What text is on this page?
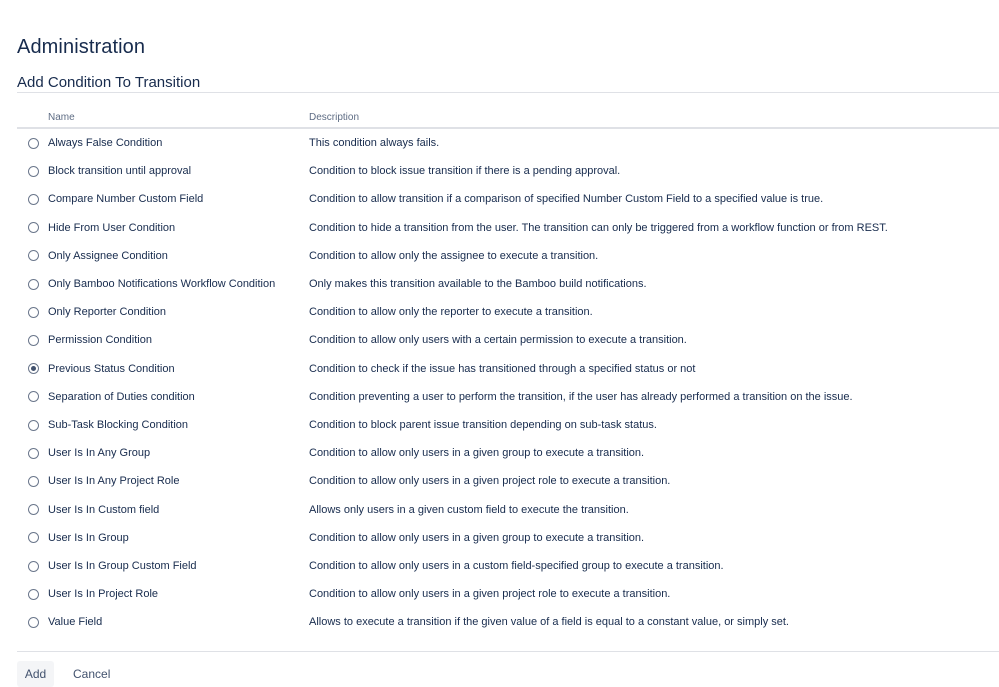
Administration
Add Condition To Transition
	Name	Description
	Always False Condition	This condition always fails.
	Block transition until approval	Condition to block issue transition if there is a pending approval.
	Compare Number Custom Field	Condition to allow transition if a comparison of specified Number Custom Field to a specified value is true.
	Hide From User Condition	Condition to hide a transition from the user. The transition can only be triggered from a workflow function or from REST.
	Only Assignee Condition	Condition to allow only the assignee to execute a transition.
	Only Bamboo Notifications Workflow Condition	Only makes this transition available to the Bamboo build notifications.
	Only Reporter Condition	Condition to allow only the reporter to execute a transition.
	Permission Condition	Condition to allow only users with a certain permission to execute a transition.
	Previous Status Condition	Condition to check if the issue has transitioned through a specified status or not
	Separation of Duties condition	Condition preventing a user to perform the transition, if the user has already performed a transition on the issue.
	Sub-Task Blocking Condition	Condition to block parent issue transition depending on sub-task status.
	User Is In Any Group	Condition to allow only users in a given group to execute a transition.
	User Is In Any Project Role	Condition to allow only users in a given project role to execute a transition.
	User Is In Custom field	Allows only users in a given custom field to execute the transition.
	User Is In Group	Condition to allow only users in a given group to execute a transition.
	User Is In Group Custom Field	Condition to allow only users in a custom field-specified group to execute a transition.
	User Is In Project Role	Condition to allow only users in a given project role to execute a transition.
	Value Field	Allows to execute a transition if the given value of a field is equal to a constant value, or simply set.
Add	Cancel
